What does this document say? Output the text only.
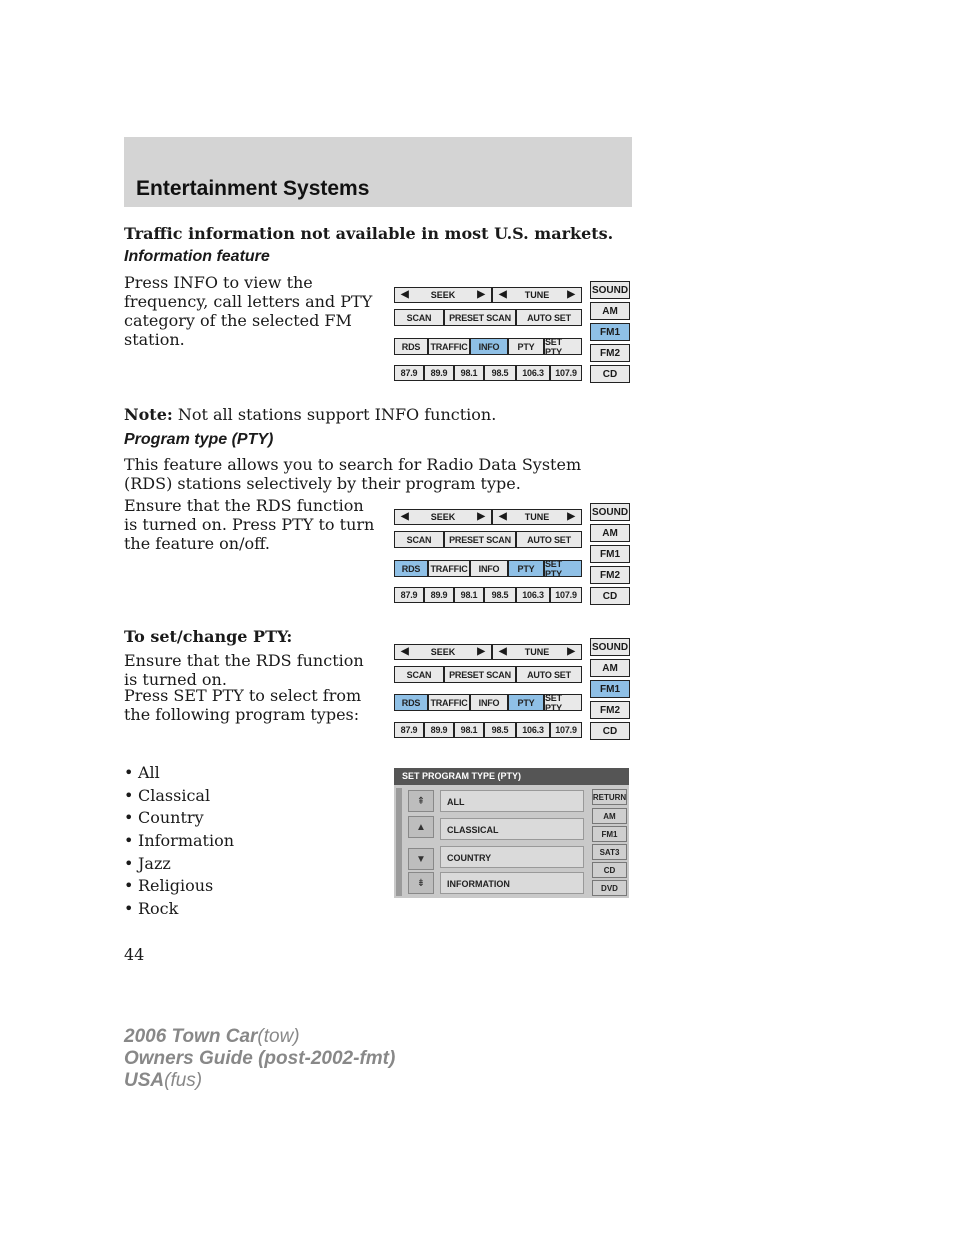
Entertainment Systems

Traffic information not available in most U.S. markets.

Information feature

Press INFO to view the frequency, call letters and PTY category of the selected FM station.

◀ SEEK ▶ ◀ TUNE ▶
SCAN	PRESET SCAN	AUTO SET
RDS	TRAFFIC	INFO	PTY	SET PTY
87.9	89.9	98.1	98.5	106.3	107.9
SOUND
AM
FM1
FM2
CD

Note: Not all stations support INFO function.

Program type (PTY)

This feature allows you to search for Radio Data System (RDS) stations selectively by their program type.

Ensure that the RDS function is turned on. Press PTY to turn the feature on/off.

◀ SEEK ▶ ◀ TUNE ▶
SCAN	PRESET SCAN	AUTO SET
RDS	TRAFFIC	INFO	PTY	SET PTY
87.9	89.9	98.1	98.5	106.3	107.9
SOUND
AM
FM1
FM2
CD

To set/change PTY:

Ensure that the RDS function is turned on.

Press SET PTY to select from the following program types:

◀ SEEK ▶ ◀ TUNE ▶
SCAN	PRESET SCAN	AUTO SET
RDS	TRAFFIC	INFO	PTY	SET PTY
87.9	89.9	98.1	98.5	106.3	107.9
SOUND
AM
FM1
FM2
CD
• All
• Classical
• Country
• Information
• Jazz
• Religious
• Rock
SET PROGRAM TYPE (PTY)
⇞
▲
▼
⇟
ALL
CLASSICAL
COUNTRY
INFORMATION
RETURN
AM
FM1
SAT3
CD
DVD
44
2006 Town Car(tow)
Owners Guide (post-2002-fmt)
USA(fus)
